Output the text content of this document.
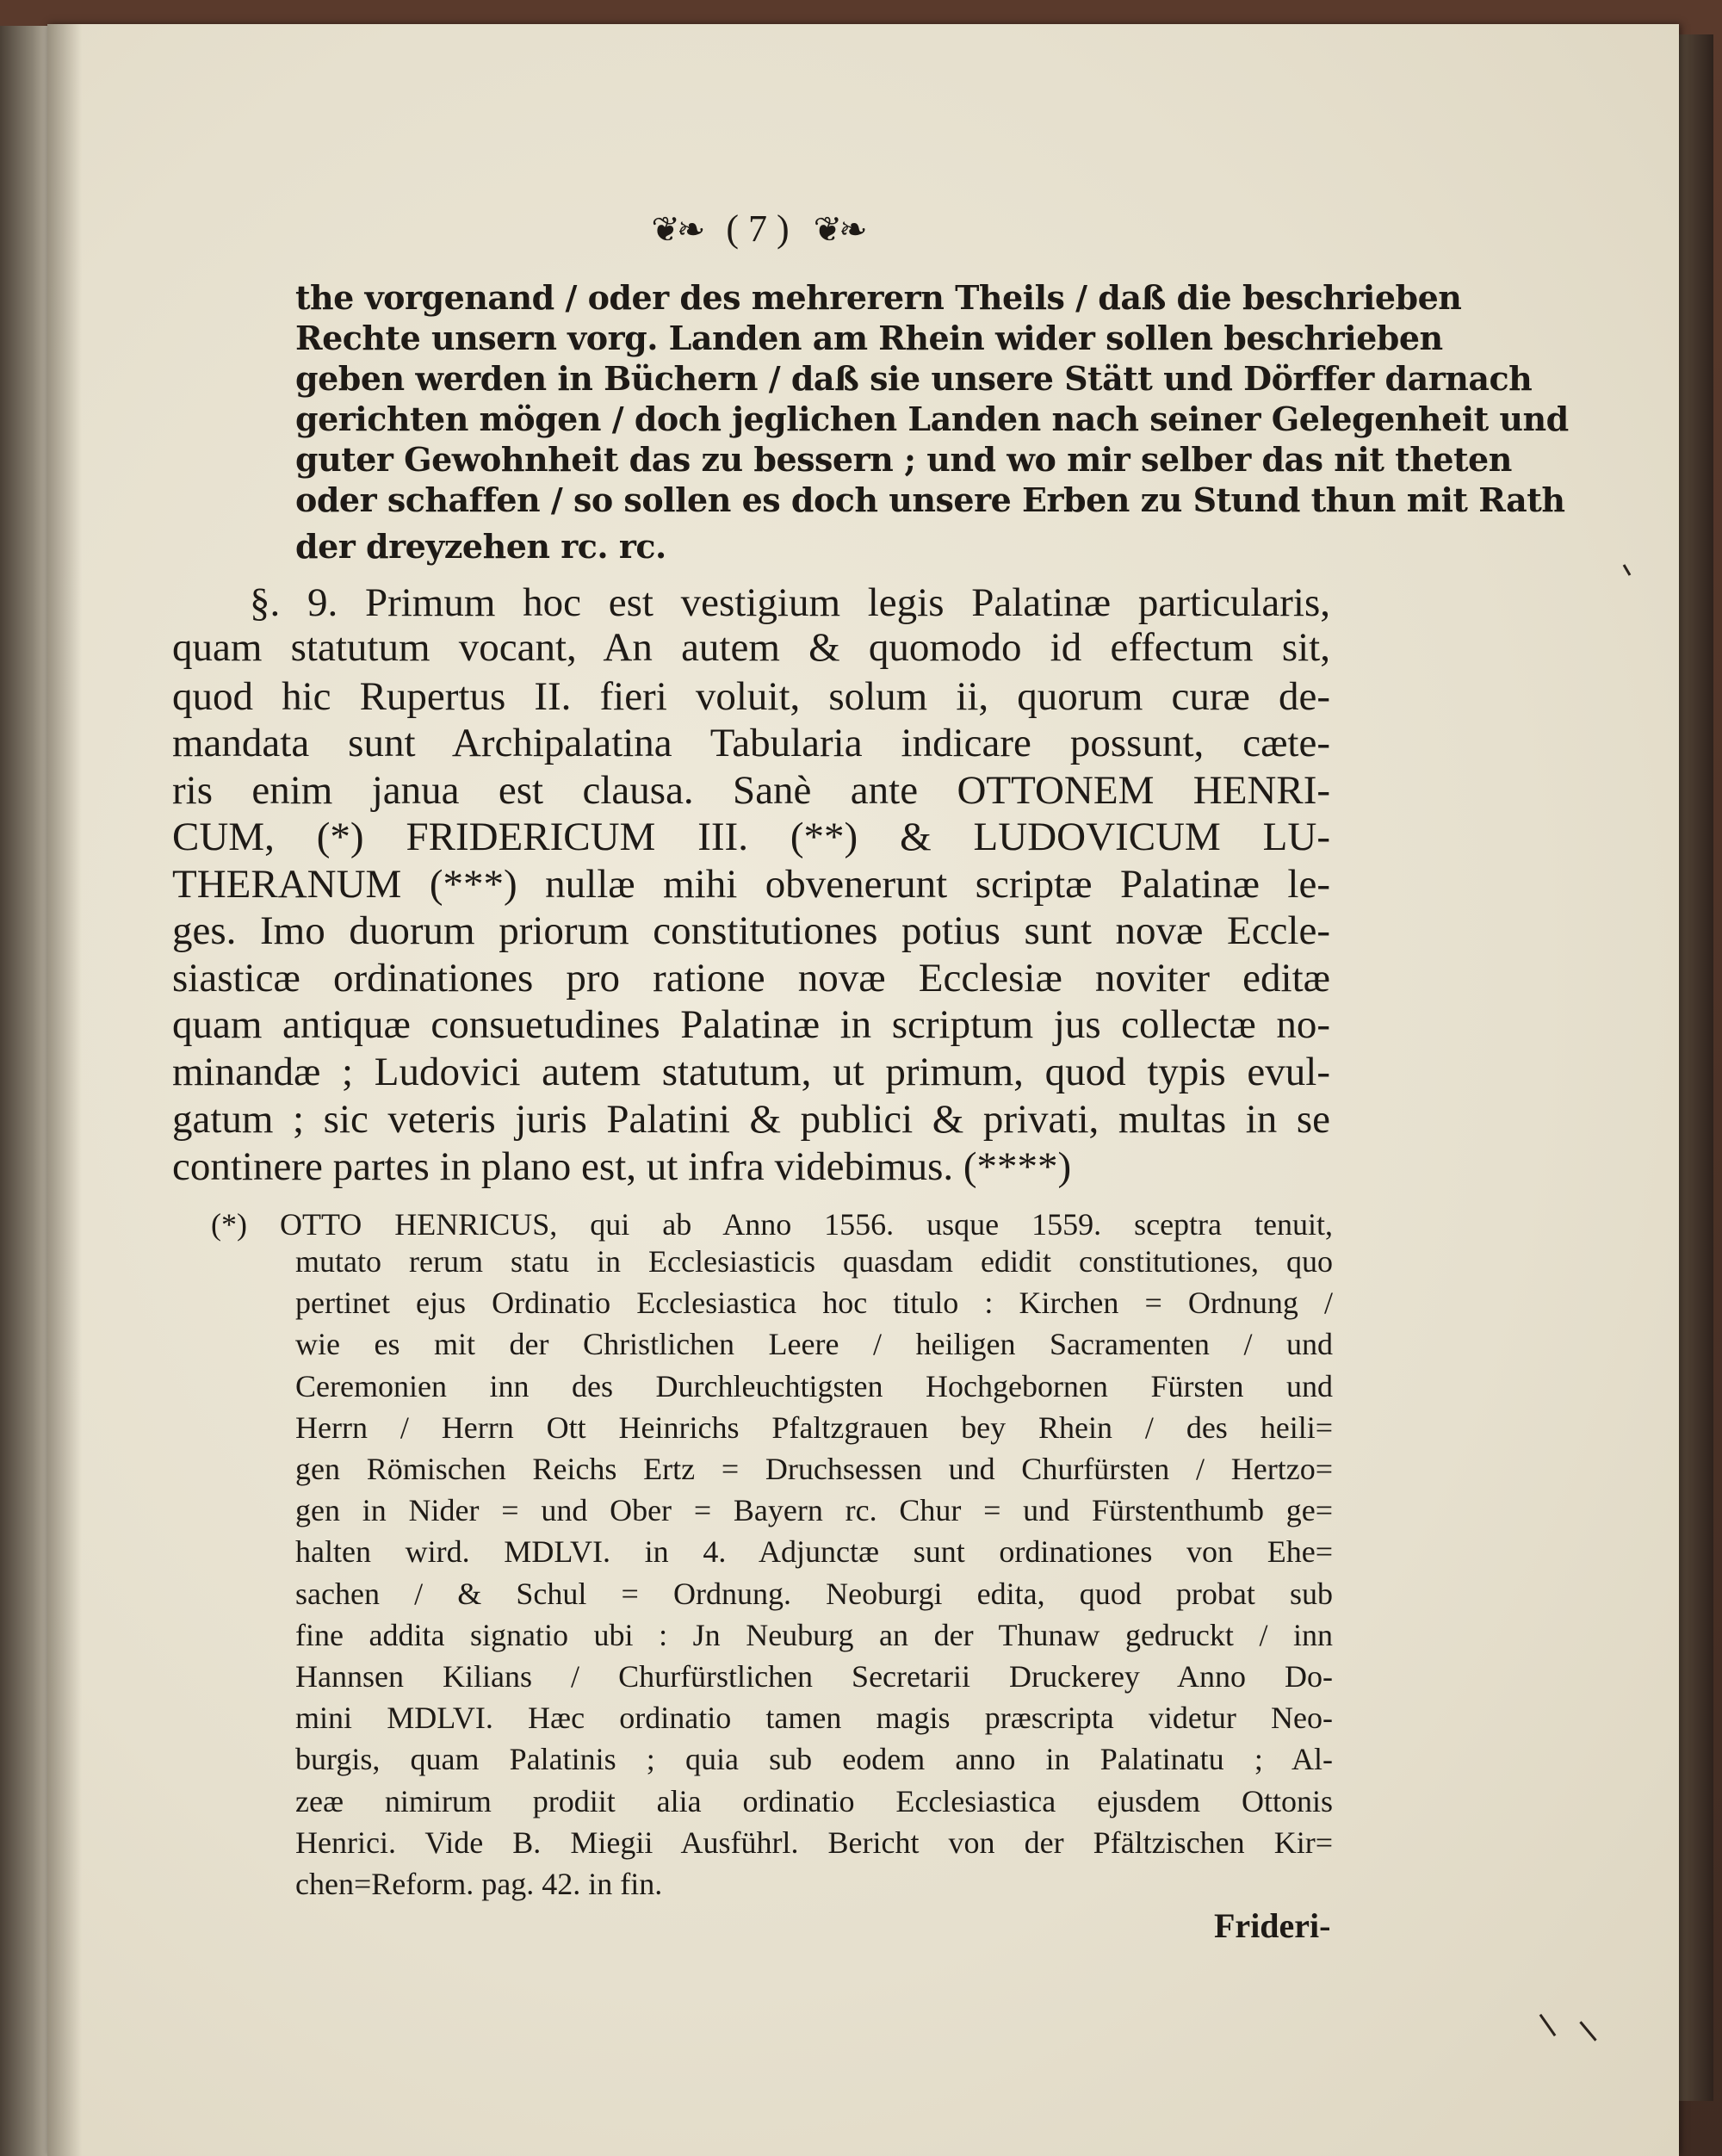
❦❧ ( 7 ) ❦❧
the vorgenand / oder des mehrerern Theils / daß die beschrieben
Rechte unsern vorg. Landen am Rhein wider sollen beschrieben
geben werden in Büchern / daß sie unsere Stätt und Dörffer darnach
gerichten mögen / doch jeglichen Landen nach seiner Gelegenheit und
guter Gewohnheit das zu bessern ; und wo mir selber das nit theten
oder schaffen / so sollen es doch unsere Erben zu Stund thun mit Rath
der dreyzehen rc. rc.
§. 9. Primum hoc est vestigium legis Palatinæ particularis,
quam statutum vocant, An autem & quomodo id effectum sit,
quod hic Rupertus II. fieri voluit, solum ii, quorum curæ de-
mandata sunt Archipalatina Tabularia indicare possunt, cæte-
ris enim janua est clausa. Sanè ante OTTONEM HENRI-
CUM, (*) FRIDERICUM III. (**) & LUDOVICUM LU-
THERANUM (***) nullæ mihi obvenerunt scriptæ Palatinæ le-
ges. Imo duorum priorum constitutiones potius sunt novæ Eccle-
siasticæ ordinationes pro ratione novæ Ecclesiæ noviter editæ
quam antiquæ consuetudines Palatinæ in scriptum jus collectæ no-
minandæ ; Ludovici autem statutum, ut primum, quod typis evul-
gatum ; sic veteris juris Palatini & publici & privati, multas in se
continere partes in plano est, ut infra videbimus. (****)
(*) OTTO HENRICUS, qui ab Anno 1556. usque 1559. sceptra tenuit,
mutato rerum statu in Ecclesiasticis quasdam edidit constitutiones, quo
pertinet ejus Ordinatio Ecclesiastica hoc titulo : Kirchen = Ordnung /
wie es mit der Christlichen Leere / heiligen Sacramenten / und
Ceremonien inn des Durchleuchtigsten Hochgebornen Fürsten und
Herrn / Herrn Ott Heinrichs Pfaltzgrauen bey Rhein / des heili=
gen Römischen Reichs Ertz = Druchsessen und Churfürsten / Hertzo=
gen in Nider = und Ober = Bayern rc. Chur = und Fürstenthumb ge=
halten wird. MDLVI. in 4. Adjunctæ sunt ordinationes von Ehe=
sachen / & Schul = Ordnung. Neoburgi edita, quod probat sub
fine addita signatio ubi : Jn Neuburg an der Thunaw gedruckt / inn
Hannsen Kilians / Churfürstlichen Secretarii Druckerey Anno Do-
mini MDLVI. Hæc ordinatio tamen magis præscripta videtur Neo-
burgis, quam Palatinis ; quia sub eodem anno in Palatinatu ; Al-
zeæ nimirum prodiit alia ordinatio Ecclesiastica ejusdem Ottonis
Henrici. Vide B. Miegii Ausführl. Bericht von der Pfältzischen Kir=
chen=Reform. pag. 42. in fin.
Frideri-
